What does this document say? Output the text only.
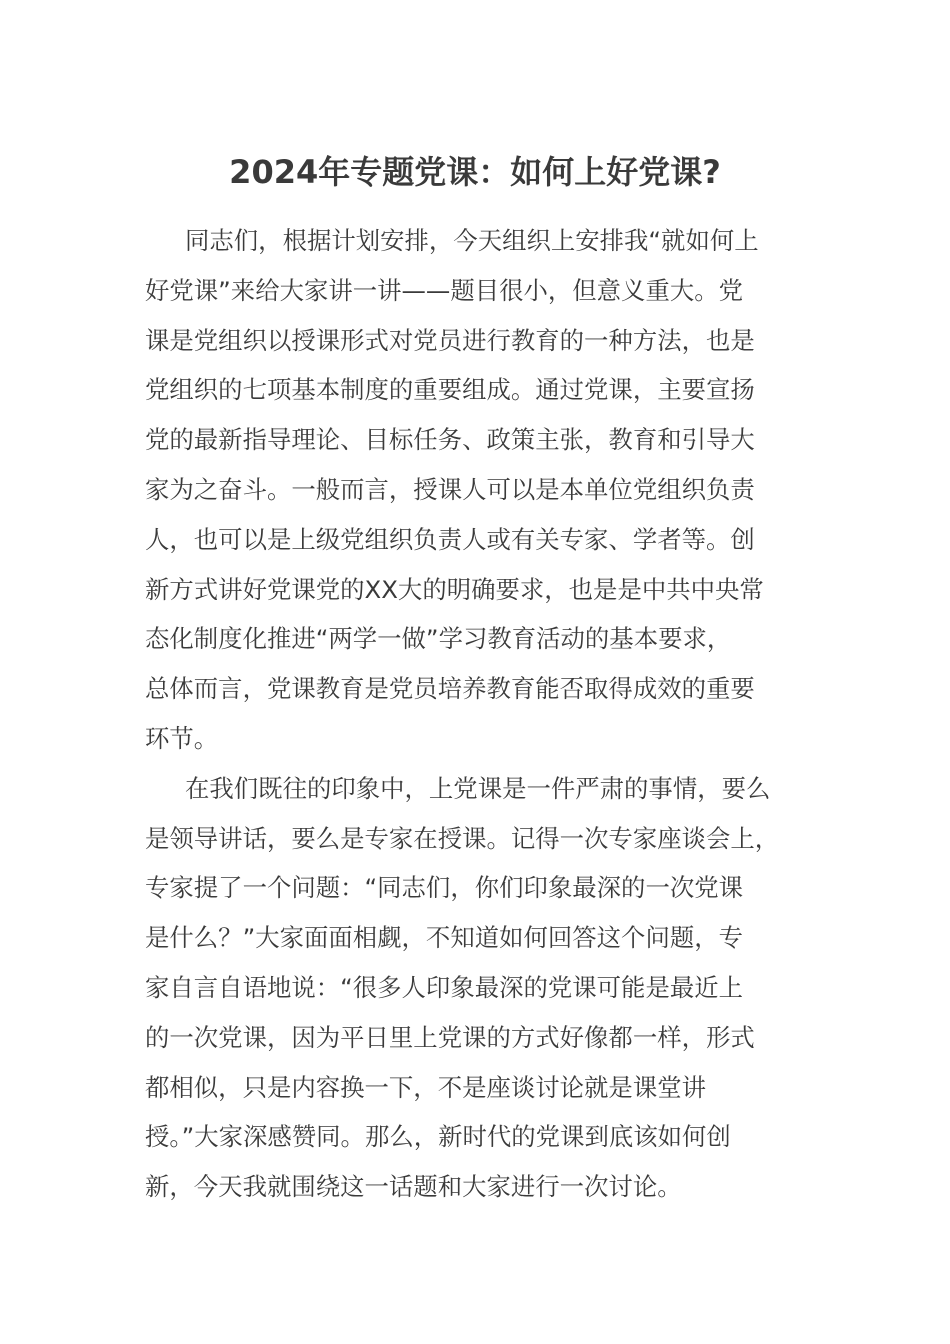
2024年专题党课：如何上好党课?
同志们，根据计划安排，今天组织上安排我“就如何上
好党课”来给大家讲一讲——题目很小，但意义重大。党
课是党组织以授课形式对党员进行教育的一种方法，也是
党组织的七项基本制度的重要组成。通过党课，主要宣扬
党的最新指导理论、目标任务、政策主张，教育和引导大
家为之奋斗。一般而言，授课人可以是本单位党组织负责
人，也可以是上级党组织负责人或有关专家、学者等。创
新方式讲好党课党的XX大的明确要求，也是是中共中央常
态化制度化推进“两学一做”学习教育活动的基本要求，
总体而言，党课教育是党员培养教育能否取得成效的重要
环节。
在我们既往的印象中，上党课是一件严肃的事情，要么
是领导讲话，要么是专家在授课。记得一次专家座谈会上，
专家提了一个问题：“同志们，你们印象最深的一次党课
是什么？”大家面面相觑，不知道如何回答这个问题，专
家自言自语地说：“很多人印象最深的党课可能是最近上
的一次党课，因为平日里上党课的方式好像都一样，形式
都相似，只是内容换一下，不是座谈讨论就是课堂讲
授。”大家深感赞同。那么，新时代的党课到底该如何创
新，今天我就围绕这一话题和大家进行一次讨论。
